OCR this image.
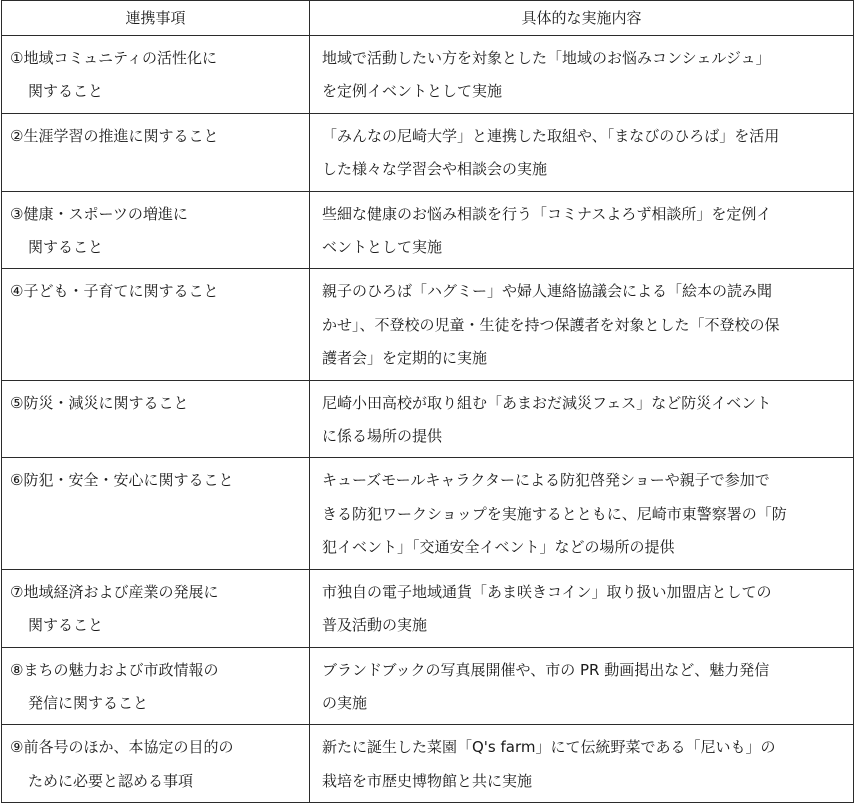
連携事項	具体的な実施内容

①地域コミュニティの活性化に
関すること	地域で活動したい方を対象とした「地域のお悩みコンシェルジュ」
を定例イベントとして実施

②生涯学習の推進に関すること	「みんなの尼崎大学」と連携した取組や、「まなびのひろば」を活用
した様々な学習会や相談会の実施

③健康・スポーツの増進に
関すること	些細な健康のお悩み相談を行う「コミナスよろず相談所」を定例イ
ベントとして実施

④子ども・子育てに関すること	親子のひろば「ハグミー」や婦人連絡協議会による「絵本の読み聞
かせ」、不登校の児童・生徒を持つ保護者を対象とした「不登校の保
護者会」を定期的に実施

⑤防災・減災に関すること	尼崎小田高校が取り組む「あまおだ減災フェス」など防災イベント
に係る場所の提供

⑥防犯・安全・安心に関すること	キューズモールキャラクターによる防犯啓発ショーや親子で参加で
きる防犯ワークショップを実施するとともに、尼崎市東警察署の「防
犯イベント」「交通安全イベント」などの場所の提供

⑦地域経済および産業の発展に
関すること	市独自の電子地域通貨「あま咲きコイン」取り扱い加盟店としての
普及活動の実施

⑧まちの魅力および市政情報の
発信に関すること	ブランドブックの写真展開催や、市の PR 動画掲出など、魅力発信
の実施

⑨前各号のほか、本協定の目的の
ために必要と認める事項	新たに誕生した菜園「Q's farm」にて伝統野菜である「尼いも」の
栽培を市歴史博物館と共に実施
